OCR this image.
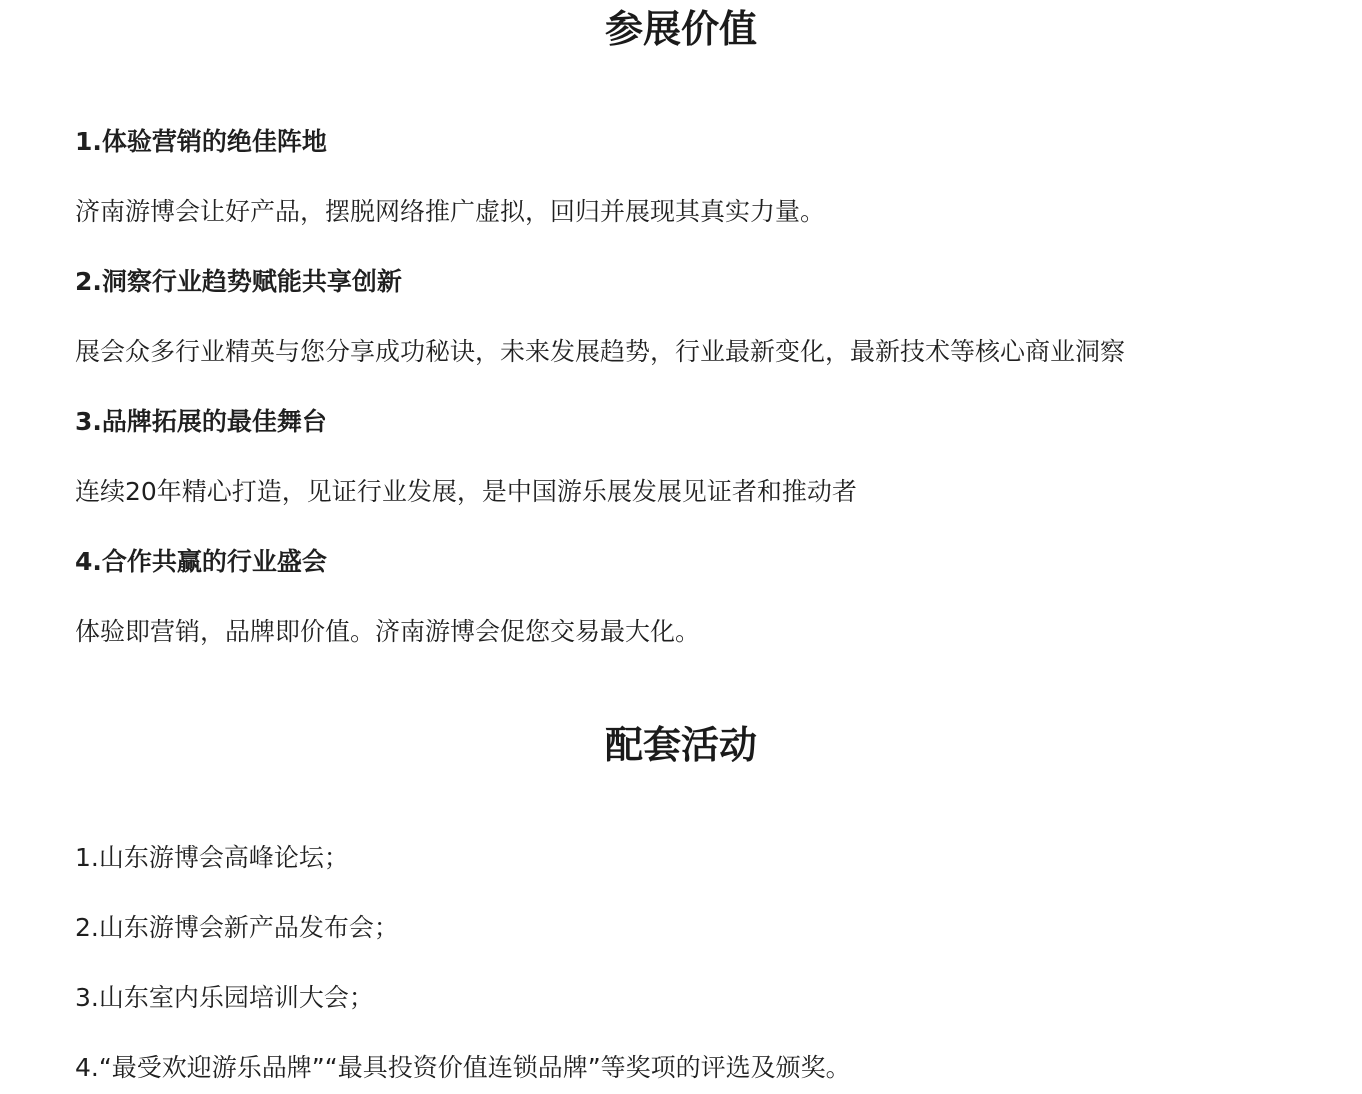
参展价值

1.体验营销的绝佳阵地

济南游博会让好产品，摆脱网络推广虚拟，回归并展现其真实力量。

2.洞察行业趋势赋能共享创新

展会众多行业精英与您分享成功秘诀，未来发展趋势，行业最新变化，最新技术等核心商业洞察

3.品牌拓展的最佳舞台

连续20年精心打造，见证行业发展，是中国游乐展发展见证者和推动者

4.合作共赢的行业盛会

体验即营销，品牌即价值。济南游博会促您交易最大化。

配套活动

1.山东游博会高峰论坛；

2.山东游博会新产品发布会；

3.山东室内乐园培训大会；

4.“最受欢迎游乐品牌”“最具投资价值连锁品牌”等奖项的评选及颁奖。
